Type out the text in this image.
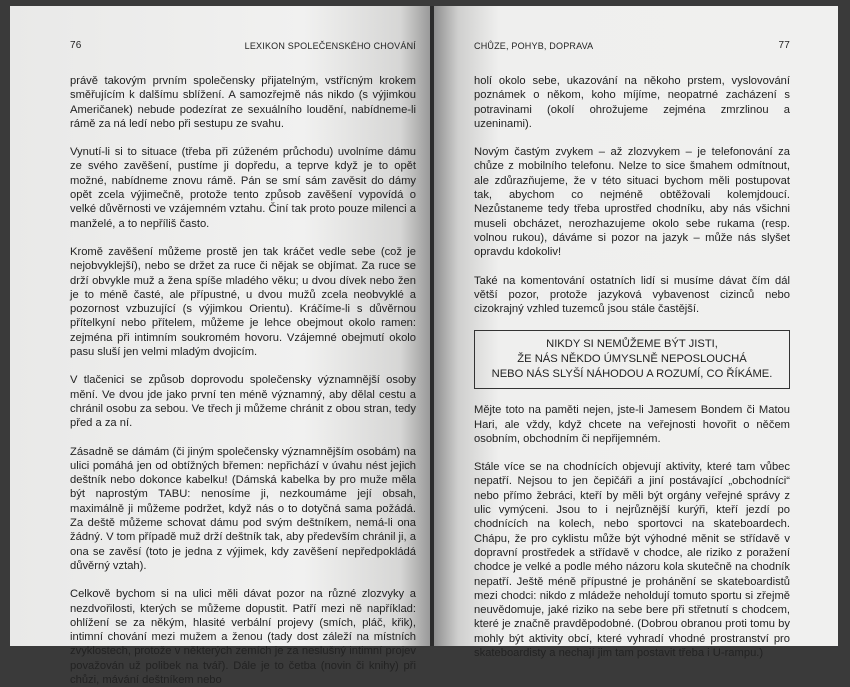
76	LEXIKON SPOLEČENSKÉHO CHOVÁNÍ

právě takovým prvním společensky přijatelným, vstřícným krokem směřujícím k dalšímu sblížení. A samozřejmě nás nikdo (s výjimkou Američanek) nebude podezírat ze sexuálního loudění, nabídneme-li rámě za ná ledí nebo při sestupu ze svahu.

Vynutí-li si to situace (třeba při zúženém průchodu) uvolníme dámu ze svého zavěšení, pustíme ji dopředu, a teprve když je to opět možné, nabídneme znovu rámě. Pán se smí sám zavěsit do dámy opět zcela výjimečně, protože tento způsob zavěšení vypovídá o velké důvěrnosti ve vzájemném vztahu. Činí tak proto pouze milenci a manželé, a to nepříliš často.

Kromě zavěšení můžeme prostě jen tak kráčet vedle sebe (což je nejobvyklejší), nebo se držet za ruce či nějak se objímat. Za ruce se drží obvykle muž a žena spíše mladého věku; u dvou dívek nebo žen je to méně časté, ale přípustné, u dvou mužů zcela neobvyklé a pozornost vzbuzující (s výjimkou Orientu). Kráčíme-li s důvěrnou přítelkyní nebo přítelem, můžeme je lehce obejmout okolo ramen: zejména při intimním soukromém hovoru. Vzájemné obejmutí okolo pasu sluší jen velmi mladým dvojicím.

V tlačenici se způsob doprovodu společensky významnější osoby mění. Ve dvou jde jako první ten méně významný, aby dělal cestu a chránil osobu za sebou. Ve třech ji můžeme chránit z obou stran, tedy před a za ní.

Zásadně se dámám (či jiným společensky významnějším osobám) na ulici pomáhá jen od obtížných břemen: nepřichází v úvahu nést jejich deštník nebo dokonce kabelku! (Dámská kabelka by pro muže měla být naprostým TABU: nenosíme ji, nezkoumáme její obsah, maximálně ji můžeme podržet, když nás o to dotyčná sama požádá. Za deště můžeme schovat dámu pod svým deštníkem, nemá-li ona žádný. V tom případě muž drží deštník tak, aby především chránil ji, a ona se zavěsí (toto je jedna z výjimek, kdy zavěšení nepředpokládá důvěrný vztah).

Celkově bychom si na ulici měli dávat pozor na různé zlozvyky a nezdvořilosti, kterých se můžeme dopustit. Patří mezi ně například: ohlížení se za někým, hlasité verbální projevy (smích, pláč, křik), intimní chování mezi mužem a ženou (tady dost záleží na místních zvyklostech, protože v některých zemích je za neslušný intimní projev považován už polibek na tvář). Dále je to četba (novin či knihy) při chůzi, mávání deštníkem nebo

CHŮZE, POHYB, DOPRAVA	77

holí okolo sebe, ukazování na někoho prstem, vyslovování poznámek o někom, koho míjíme, neopatrné zacházení s potravinami (okolí ohrožujeme zejména zmrzlinou a uzeninami).

Novým častým zvykem – až zlozvykem – je telefonování za chůze z mobilního telefonu. Nelze to sice šmahem odmítnout, ale zdůrazňujeme, že v této situaci bychom měli postupovat tak, abychom co nejméně obtěžovali kolemjdoucí. Nezůstaneme tedy třeba uprostřed chodníku, aby nás všichni museli obcházet, nerozhazujeme okolo sebe rukama (resp. volnou rukou), dáváme si pozor na jazyk – může nás slyšet opravdu kdokoliv!

Také na komentování ostatních lidí si musíme dávat čím dál větší pozor, protože jazyková vybavenost cizinců nebo cizokrajný vzhled tuzemců jsou stále častější.

NIKDY SI NEMŮŽEME BÝT JISTI,
ŽE NÁS NĚKDO ÚMYSLNĚ NEPOSLOUCHÁ
NEBO NÁS SLYŠÍ NÁHODOU A ROZUMÍ, CO ŘÍKÁME.

Mějte toto na paměti nejen, jste-li Jamesem Bondem či Matou Hari, ale vždy, když chcete na veřejnosti hovořit o něčem osobním, obchodním či nepřijemném.

Stále více se na chodnících objevují aktivity, které tam vůbec nepatří. Nejsou to jen čepičáři a jiní postávající „obchodníci“ nebo přímo žebráci, kteří by měli být orgány veřejné správy z ulic vymýceni. Jsou to i nejrůznější kurýři, kteří jezdí po chodnících na kolech, nebo sportovci na skateboardech. Chápu, že pro cyklistu může být výhodné měnit se střídavě v dopravní prostředek a střídavě v chodce, ale riziko z poražení chodce je velké a podle mého názoru kola skutečně na chodník nepatří. Ještě méně přípustné je prohánění se skateboardistů mezi chodci: nikdo z mládeže neholdují tomuto sportu si zřejmě neuvědomuje, jaké riziko na sebe bere při střetnutí s chodcem, které je značně pravděpodobné. (Dobrou obranou proti tomu by mohly být aktivity obcí, které vyhradí vhodné prostranství pro skateboardisty a nechají jim tam postavit třeba i U-rampu.)
